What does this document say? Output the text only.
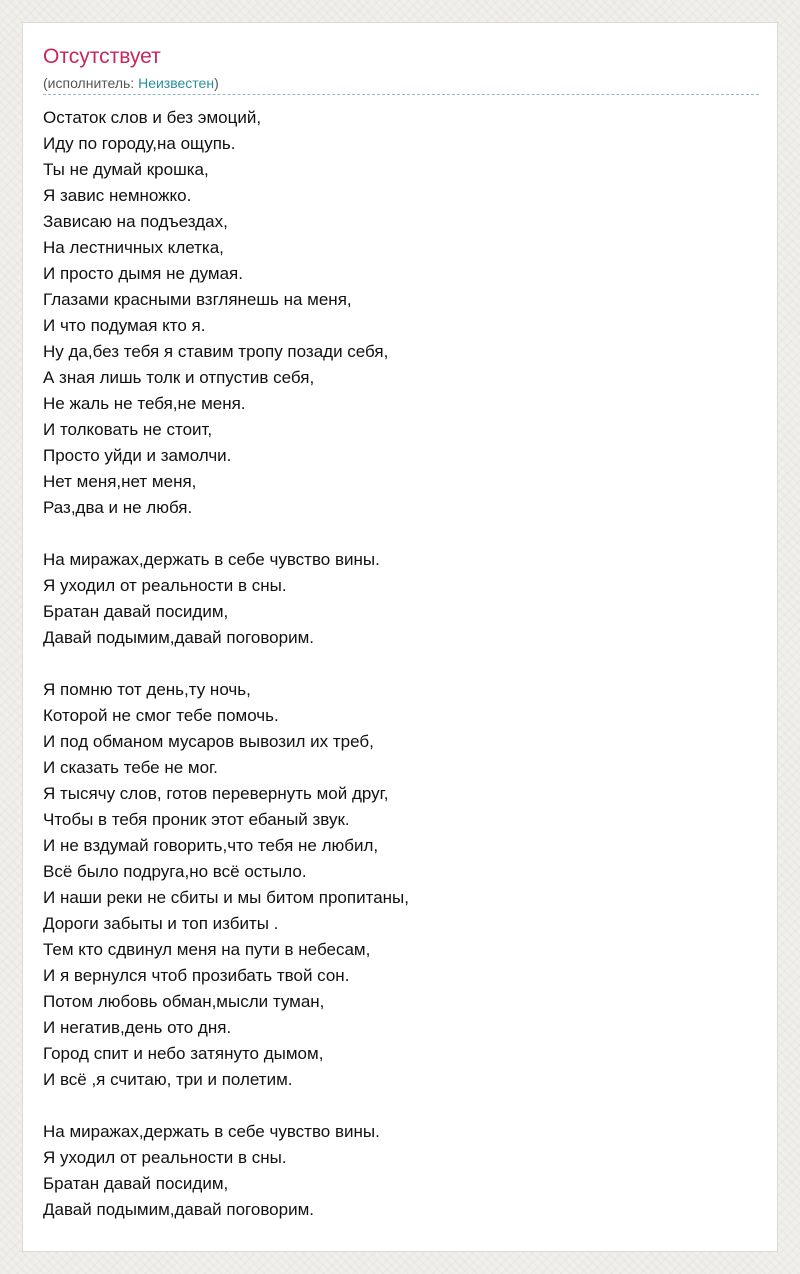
Отсутствует
(исполнитель: Неизвестен)
Остаток слов и без эмоций,
Иду по городу,на ощупь.
Ты не думай крошка,
Я завис немножко.
Зависаю на подъездах,
На лестничных клетка,
И просто дымя не думая.
Глазами красными взглянешь на меня,
И что подумая кто я.
Ну да,без тебя я ставим тропу позади себя,
А зная лишь толк и отпустив себя,
Не жаль не тебя,не меня.
И толковать не стоит,
Просто уйди и замолчи.
Нет меня,нет меня,
Раз,два и не любя.
На миражах,держать в себе чувство вины.
Я уходил от реальности в сны.
Братан давай посидим,
Давай подымим,давай поговорим.
Я помню тот день,ту ночь,
Которой не смог тебе помочь.
И под обманом мусаров вывозил их треб,
И сказать тебе не мог.
Я тысячу слов, готов перевернуть мой друг,
Чтобы в тебя проник этот ебаный звук.
И не вздумай говорить,что тебя не любил,
Всё было подруга,но всё остыло.
И наши реки не сбиты и мы битом пропитаны,
Дороги забыты и топ избиты .
Тем кто сдвинул меня на пути в небесам,
И я вернулся чтоб прозибать твой сон.
Потом любовь обман,мысли туман,
И негатив,день ото дня.
Город спит и небо затянуто дымом,
И всё ,я считаю, три и полетим.
На миражах,держать в себе чувство вины.
Я уходил от реальности в сны.
Братан давай посидим,
Давай подымим,давай поговорим.
